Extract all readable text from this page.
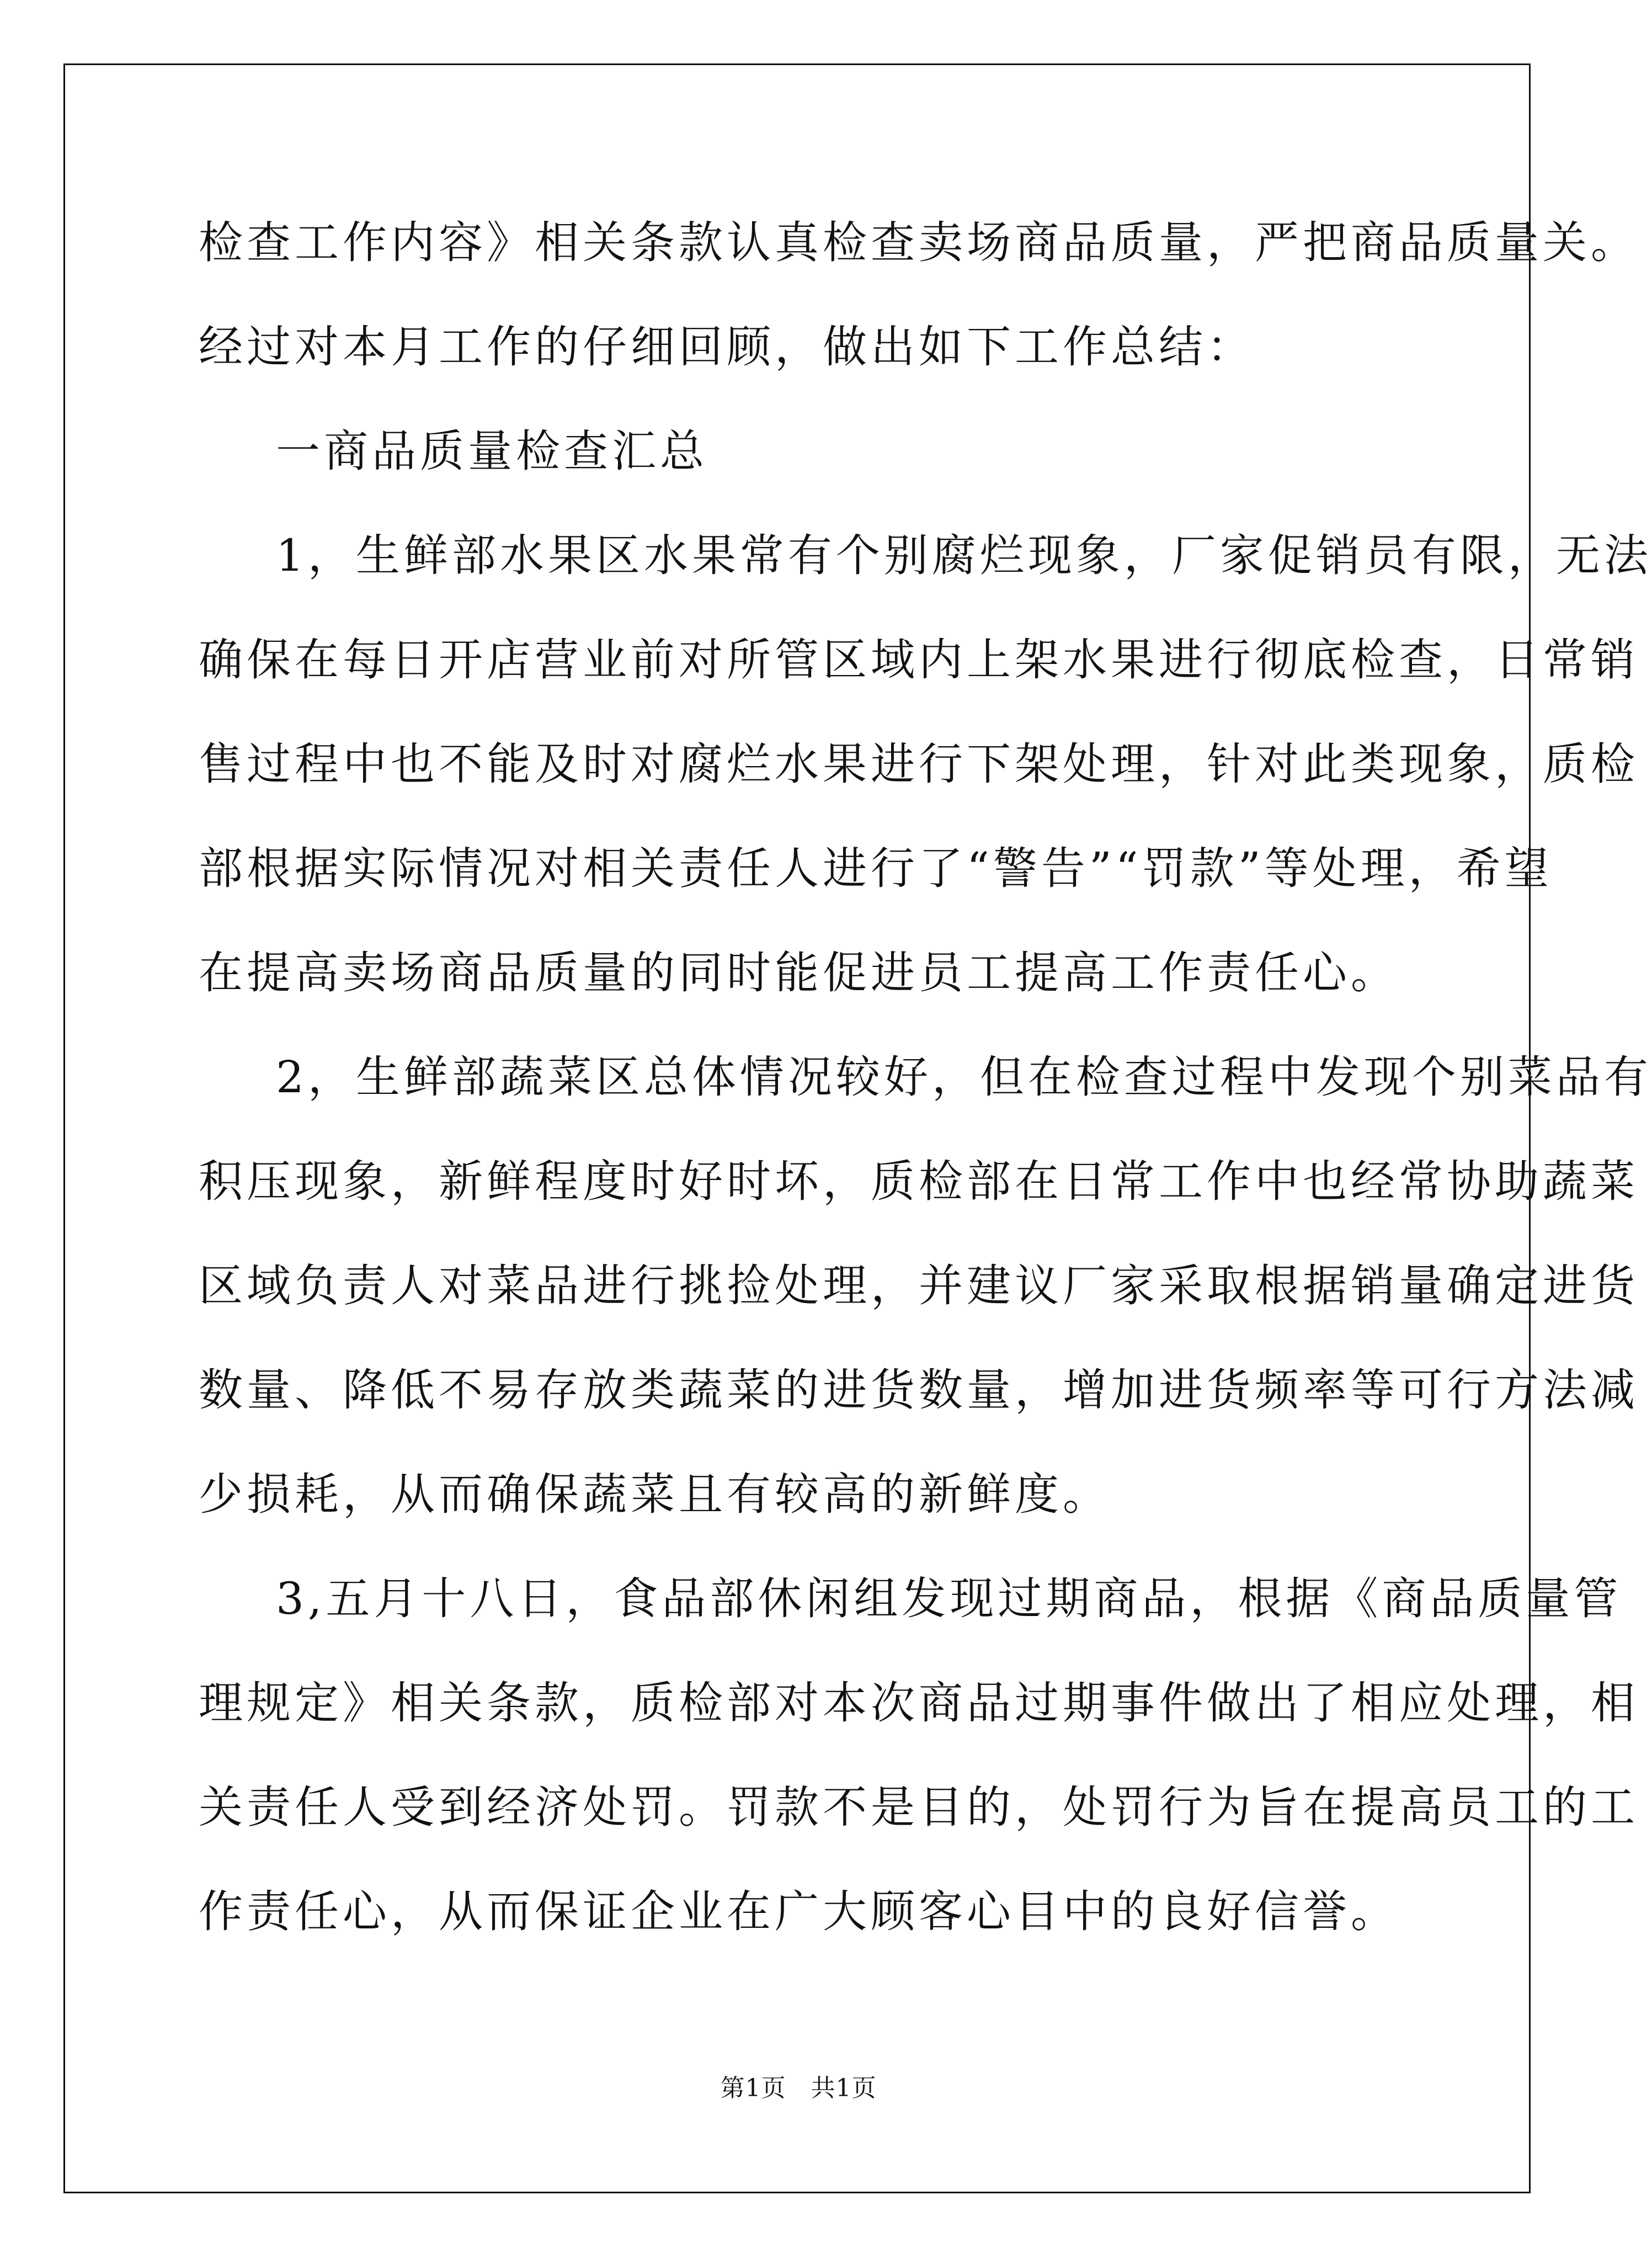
检查工作内容》相关条款认真检查卖场商品质量，严把商品质量关。
经过对本月工作的仔细回顾，做出如下工作总结：
一商品质量检查汇总
1，生鲜部水果区水果常有个别腐烂现象，厂家促销员有限，无法
确保在每日开店营业前对所管区域内上架水果进行彻底检查，日常销
售过程中也不能及时对腐烂水果进行下架处理，针对此类现象，质检
部根据实际情况对相关责任人进行了“警告”“罚款”等处理，希望
在提高卖场商品质量的同时能促进员工提高工作责任心。
2，生鲜部蔬菜区总体情况较好，但在检查过程中发现个别菜品有
积压现象，新鲜程度时好时坏，质检部在日常工作中也经常协助蔬菜
区域负责人对菜品进行挑捡处理，并建议厂家采取根据销量确定进货
数量、降低不易存放类蔬菜的进货数量，增加进货频率等可行方法减
少损耗，从而确保蔬菜且有较高的新鲜度。
3,五月十八日，食品部休闲组发现过期商品，根据《商品质量管
理规定》相关条款，质检部对本次商品过期事件做出了相应处理，相
关责任人受到经济处罚。罚款不是目的，处罚行为旨在提高员工的工
作责任心，从而保证企业在广大顾客心目中的良好信誉。
第1页　共1页
